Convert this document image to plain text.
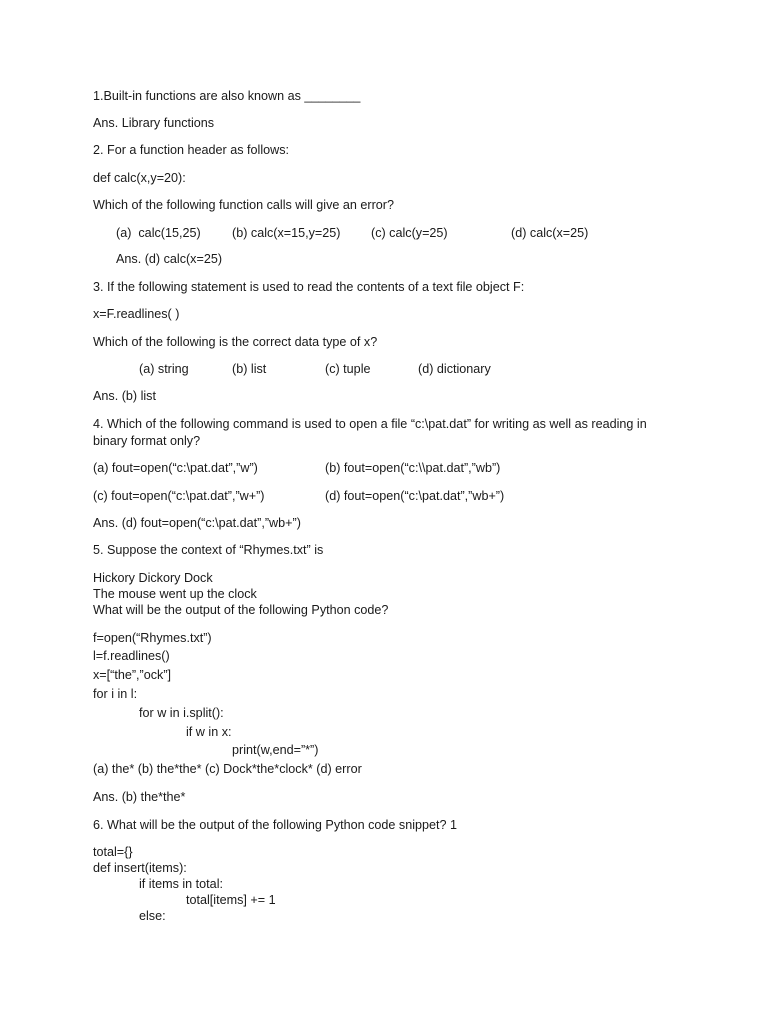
1.Built-in functions are also known as ________
Ans. Library functions
2. For a function header as follows:
def calc(x,y=20):
Which of the following function calls will give an error?
(a)  calc(15,25) (b) calc(x=15,y=25) (c) calc(y=25)	(d) calc(x=25)
Ans. (d) calc(x=25)
3. If the following statement is used to read the contents of a text file object F:
x=F.readlines( )
Which of the following is the correct data type of x?
(a) string	(b) list	(c) tuple	(d) dictionary
Ans. (b) list
4. Which of the following command is used to open a file “c:\pat.dat” for writing as well as reading in
binary format only?
(a) fout=open(“c:\pat.dat”,”w”)	(b) fout=open(“c:\\pat.dat”,”wb”)
(c) fout=open(“c:\pat.dat”,”w+”)	(d) fout=open(“c:\pat.dat”,”wb+”)
Ans. (d) fout=open(“c:\pat.dat”,”wb+”)
5. Suppose the context of “Rhymes.txt” is
Hickory Dickory Dock
The mouse went up the clock
What will be the output of the following Python code?
f=open(“Rhymes.txt”)
l=f.readlines()
x=[“the”,”ock”]
for i in l:
for w in i.split():
if w in x:
print(w,end=”*”)
(a) the* (b) the*the* (c) Dock*the*clock* (d) error
Ans. (b) the*the*
6. What will be the output of the following Python code snippet? 1
total={}
def insert(items):
if items in total:
total[items] += 1
else:
